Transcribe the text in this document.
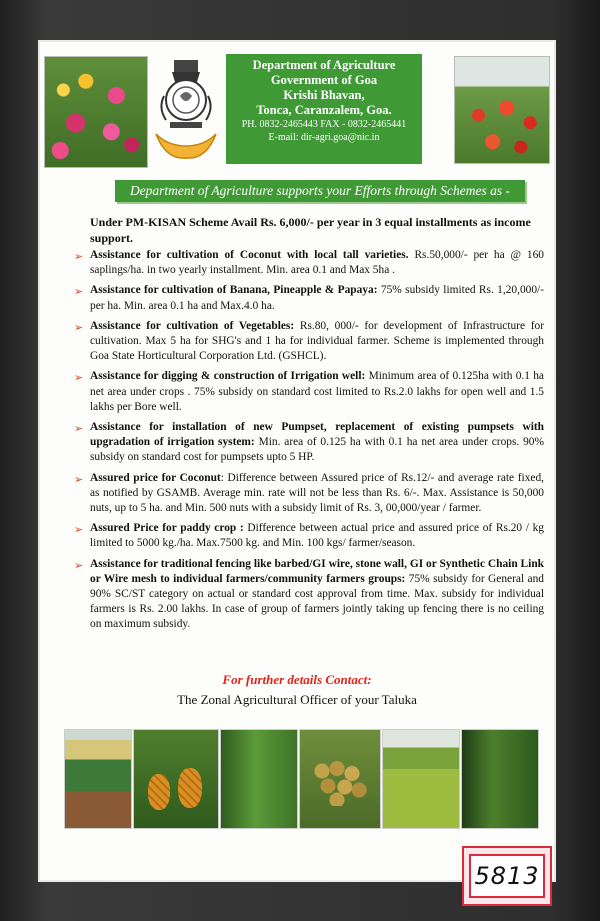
Department of Agriculture
Government of Goa
Krishi Bhavan,
Tonca, Caranzalem, Goa.
PH. 0832-2465443 FAX - 0832-2465441
E-mail: dir-agri.goa@nic.in
Department of Agriculture supports your Efforts through Schemes as -
Under PM-KISAN Scheme Avail Rs. 6,000/- per year in 3 equal installments as income support.
➢ Assistance for cultivation of Coconut with local tall varieties. Rs.50,000/- per ha @ 160 saplings/ha. in two yearly installment. Min. area 0.1 and Max 5ha .
➢ Assistance for cultivation of Banana, Pineapple & Papaya: 75% subsidy limited Rs. 1,20,000/-per ha. Min. area 0.1 ha and Max.4.0 ha.
➢ Assistance for cultivation of Vegetables: Rs.80, 000/- for development of Infrastructure for cultivation. Max 5 ha for SHG's and 1 ha for individual farmer. Scheme is implemented through Goa State Horticultural Corporation Ltd. (GSHCL).
➢ Assistance for digging & construction of Irrigation well: Minimum area of 0.125ha with 0.1 ha net area under crops . 75% subsidy on standard cost limited to Rs.2.0 lakhs for open well and 1.5 lakhs per Bore well.
➢ Assistance for installation of new Pumpset, replacement of existing pumpsets with upgradation of irrigation system: Min. area of 0.125 ha with 0.1 ha net area under crops. 90% subsidy on standard cost for pumpsets upto 5 HP.
➢ Assured price for Coconut: Difference between Assured price of Rs.12/- and average rate fixed, as notified by GSAMB. Average min. rate will not be less than Rs. 6/-. Max. Assistance is 50,000 nuts, up to 5 ha. and Min. 500 nuts with a subsidy limit of Rs. 3, 00,000/year / farmer.
➢ Assured Price for paddy crop : Difference between actual price and assured price of Rs.20 / kg limited to 5000 kg./ha. Max.7500 kg. and Min. 100 kgs/ farmer/season.
➢ Assistance for traditional fencing like barbed/GI wire, stone wall, GI or Synthetic Chain Link or Wire mesh to individual farmers/community farmers groups: 75% subsidy for General and 90% SC/ST category on actual or standard cost approval from time. Max. subsidy for individual farmers is Rs. 2.00 lakhs. In case of group of farmers jointly taking up fencing there is no ceiling on maximum subsidy.
For further details Contact:
The Zonal Agricultural Officer of your Taluka
5813
